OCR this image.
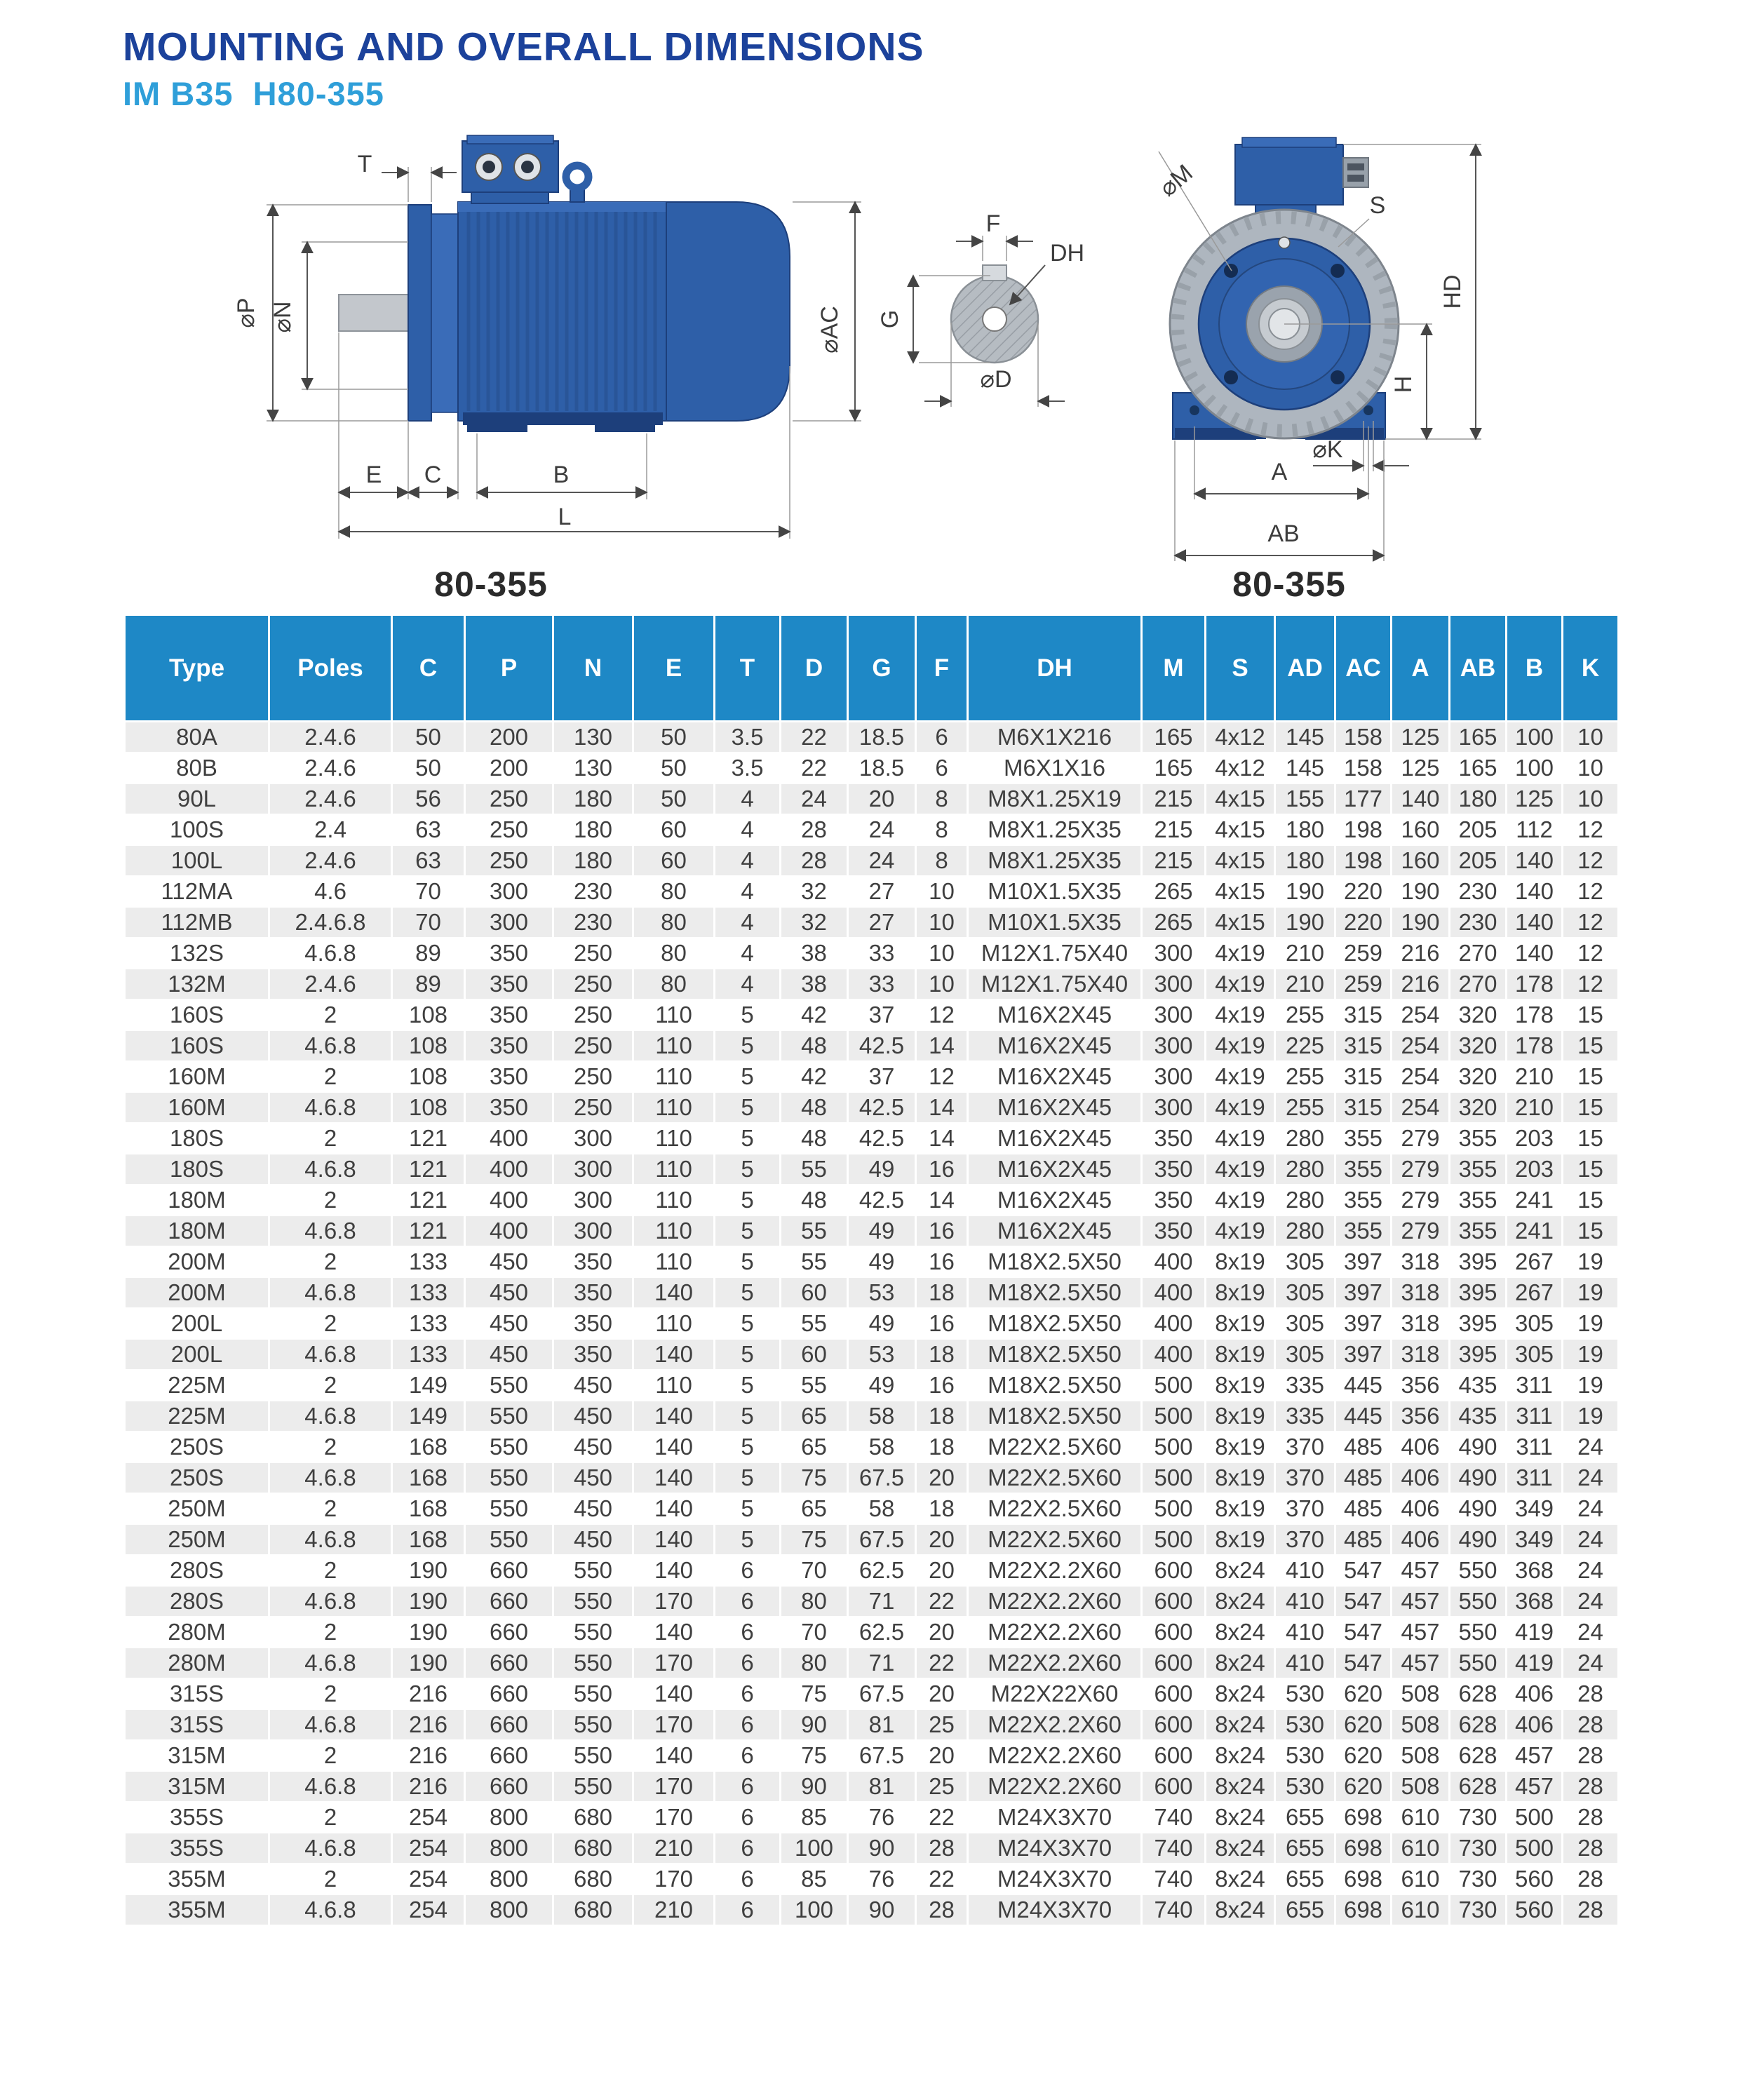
MOUNTING AND OVERALL DIMENSIONS
IM B35  H80-355
T
⌀P ⌀N	⌀AC
E C	B
L
F
DH
G
⌀D
⌀M
S
HD
H
⌀K
A
AB
80-355	80-355
Type	Poles	C	P	N	E	T	D	G	F	DH	M	S	AD	AC	A	AB	B	K
80A	2.4.6	50	200	130	50	3.5	22	18.5	6	M6X1X216	165	4x12	145	158	125	165	100	10
80B	2.4.6	50	200	130	50	3.5	22	18.5	6	M6X1X16	165	4x12	145	158	125	165	100	10
90L	2.4.6	56	250	180	50	4	24	20	8	M8X1.25X19	215	4x15	155	177	140	180	125	10
100S	2.4	63	250	180	60	4	28	24	8	M8X1.25X35	215	4x15	180	198	160	205	112	12
100L	2.4.6	63	250	180	60	4	28	24	8	M8X1.25X35	215	4x15	180	198	160	205	140	12
112MA	4.6	70	300	230	80	4	32	27	10	M10X1.5X35	265	4x15	190	220	190	230	140	12
112MB	2.4.6.8	70	300	230	80	4	32	27	10	M10X1.5X35	265	4x15	190	220	190	230	140	12
132S	4.6.8	89	350	250	80	4	38	33	10	M12X1.75X40	300	4x19	210	259	216	270	140	12
132M	2.4.6	89	350	250	80	4	38	33	10	M12X1.75X40	300	4x19	210	259	216	270	178	12
160S	2	108	350	250	110	5	42	37	12	M16X2X45	300	4x19	255	315	254	320	178	15
160S	4.6.8	108	350	250	110	5	48	42.5	14	M16X2X45	300	4x19	225	315	254	320	178	15
160M	2	108	350	250	110	5	42	37	12	M16X2X45	300	4x19	255	315	254	320	210	15
160M	4.6.8	108	350	250	110	5	48	42.5	14	M16X2X45	300	4x19	255	315	254	320	210	15
180S	2	121	400	300	110	5	48	42.5	14	M16X2X45	350	4x19	280	355	279	355	203	15
180S	4.6.8	121	400	300	110	5	55	49	16	M16X2X45	350	4x19	280	355	279	355	203	15
180M	2	121	400	300	110	5	48	42.5	14	M16X2X45	350	4x19	280	355	279	355	241	15
180M	4.6.8	121	400	300	110	5	55	49	16	M16X2X45	350	4x19	280	355	279	355	241	15
200M	2	133	450	350	110	5	55	49	16	M18X2.5X50	400	8x19	305	397	318	395	267	19
200M	4.6.8	133	450	350	140	5	60	53	18	M18X2.5X50	400	8x19	305	397	318	395	267	19
200L	2	133	450	350	110	5	55	49	16	M18X2.5X50	400	8x19	305	397	318	395	305	19
200L	4.6.8	133	450	350	140	5	60	53	18	M18X2.5X50	400	8x19	305	397	318	395	305	19
225M	2	149	550	450	110	5	55	49	16	M18X2.5X50	500	8x19	335	445	356	435	311	19
225M	4.6.8	149	550	450	140	5	65	58	18	M18X2.5X50	500	8x19	335	445	356	435	311	19
250S	2	168	550	450	140	5	65	58	18	M22X2.5X60	500	8x19	370	485	406	490	311	24
250S	4.6.8	168	550	450	140	5	75	67.5	20	M22X2.5X60	500	8x19	370	485	406	490	311	24
250M	2	168	550	450	140	5	65	58	18	M22X2.5X60	500	8x19	370	485	406	490	349	24
250M	4.6.8	168	550	450	140	5	75	67.5	20	M22X2.5X60	500	8x19	370	485	406	490	349	24
280S	2	190	660	550	140	6	70	62.5	20	M22X2.2X60	600	8x24	410	547	457	550	368	24
280S	4.6.8	190	660	550	170	6	80	71	22	M22X2.2X60	600	8x24	410	547	457	550	368	24
280M	2	190	660	550	140	6	70	62.5	20	M22X2.2X60	600	8x24	410	547	457	550	419	24
280M	4.6.8	190	660	550	170	6	80	71	22	M22X2.2X60	600	8x24	410	547	457	550	419	24
315S	2	216	660	550	140	6	75	67.5	20	M22X22X60	600	8x24	530	620	508	628	406	28
315S	4.6.8	216	660	550	170	6	90	81	25	M22X2.2X60	600	8x24	530	620	508	628	406	28
315M	2	216	660	550	140	6	75	67.5	20	M22X2.2X60	600	8x24	530	620	508	628	457	28
315M	4.6.8	216	660	550	170	6	90	81	25	M22X2.2X60	600	8x24	530	620	508	628	457	28
355S	2	254	800	680	170	6	85	76	22	M24X3X70	740	8x24	655	698	610	730	500	28
355S	4.6.8	254	800	680	210	6	100	90	28	M24X3X70	740	8x24	655	698	610	730	500	28
355M	2	254	800	680	170	6	85	76	22	M24X3X70	740	8x24	655	698	610	730	560	28
355M	4.6.8	254	800	680	210	6	100	90	28	M24X3X70	740	8x24	655	698	610	730	560	28
